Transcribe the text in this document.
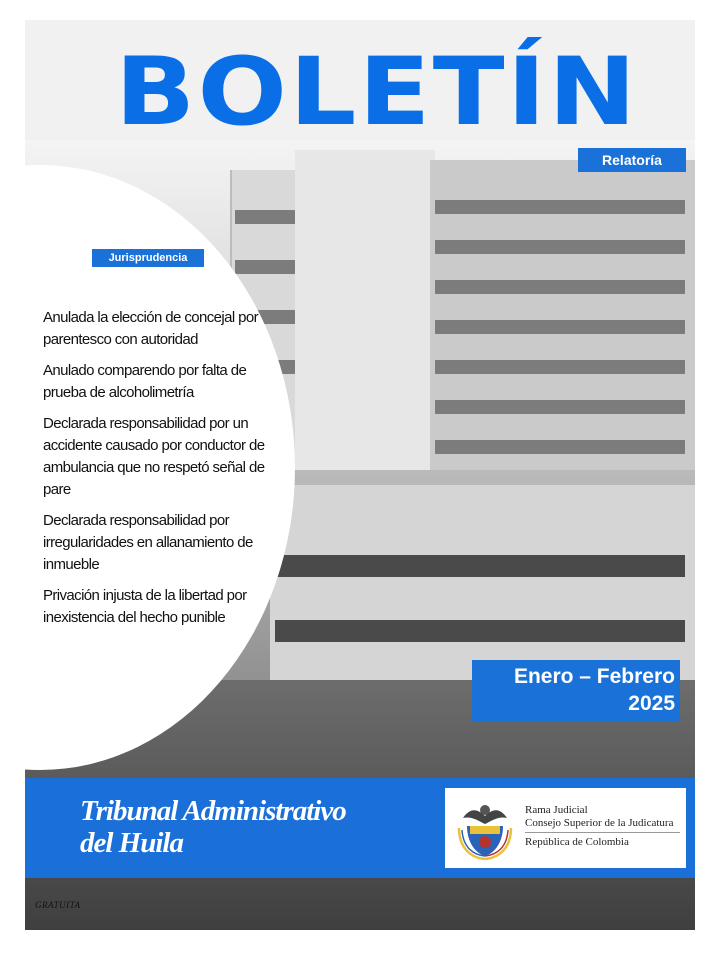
BOLETÍN
Relatoría
Jurisprudencia
Anulada la elección de concejal por parentesco con autoridad
Anulado comparendo por falta de prueba de alcoholimetría
Declarada responsabilidad por un accidente causado por conductor de ambulancia que no respetó señal de pare
Declarada responsabilidad por irregularidades en allanamiento de inmueble
Privación injusta de la libertad por inexistencia del hecho punible
Enero – Febrero
2025
Tribunal Administrativo
del Huila
Rama Judicial
Consejo Superior de la Judicatura
República de Colombia
GRATUITA
